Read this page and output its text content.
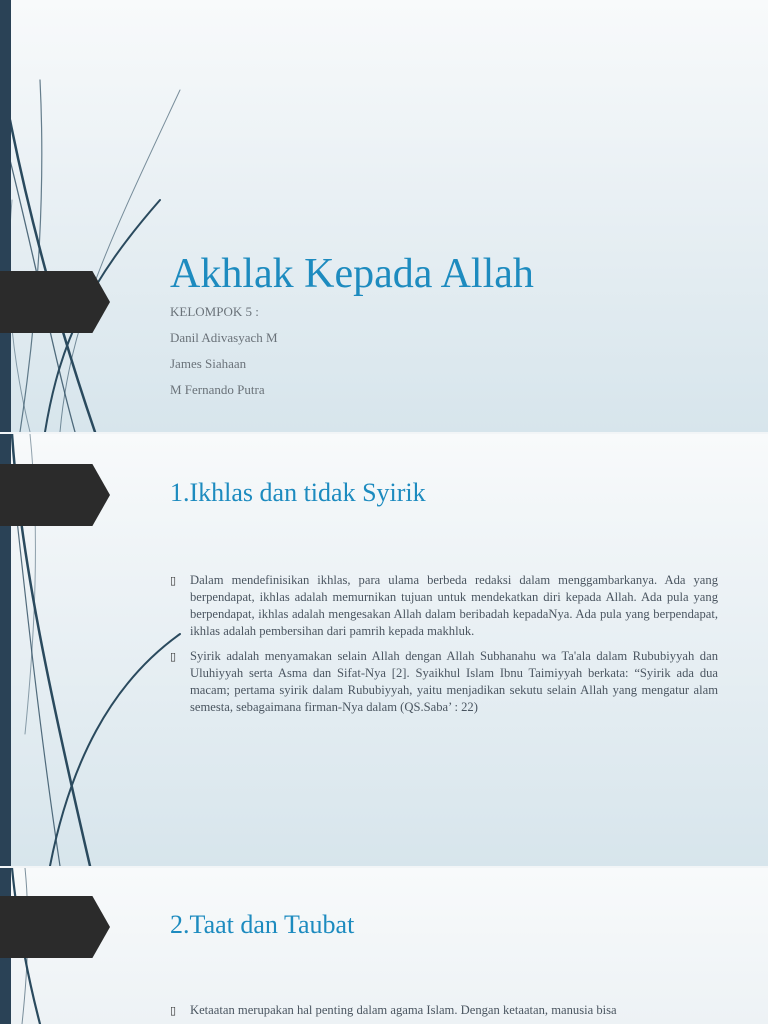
Akhlak Kepada Allah
KELOMPOK 5 :
Danil Adivasyach M
James Siahaan
M Fernando Putra
1.Ikhlas dan tidak Syirik
▯ Dalam mendefinisikan ikhlas, para ulama berbeda redaksi dalam menggambarkanya. Ada yang berpendapat, ikhlas adalah memurnikan tujuan untuk mendekatkan diri kepada Allah. Ada pula yang berpendapat, ikhlas adalah mengesakan Allah dalam beribadah kepadaNya. Ada pula yang berpendapat, ikhlas adalah pembersihan dari pamrih kepada makhluk.
▯ Syirik adalah menyamakan selain Allah dengan Allah Subhanahu wa Ta'ala dalam Rububiyyah dan Uluhiyyah serta Asma dan Sifat-Nya [2]. Syaikhul Islam Ibnu Taimiyyah berkata: “Syirik ada dua macam; pertama syirik dalam Rububiyyah, yaitu menjadikan sekutu selain Allah yang mengatur alam semesta, sebagaimana firman-Nya dalam (QS.Saba’ : 22)
2.Taat dan Taubat
▯ Ketaatan merupakan hal penting dalam agama Islam. Dengan ketaatan, manusia bisa
